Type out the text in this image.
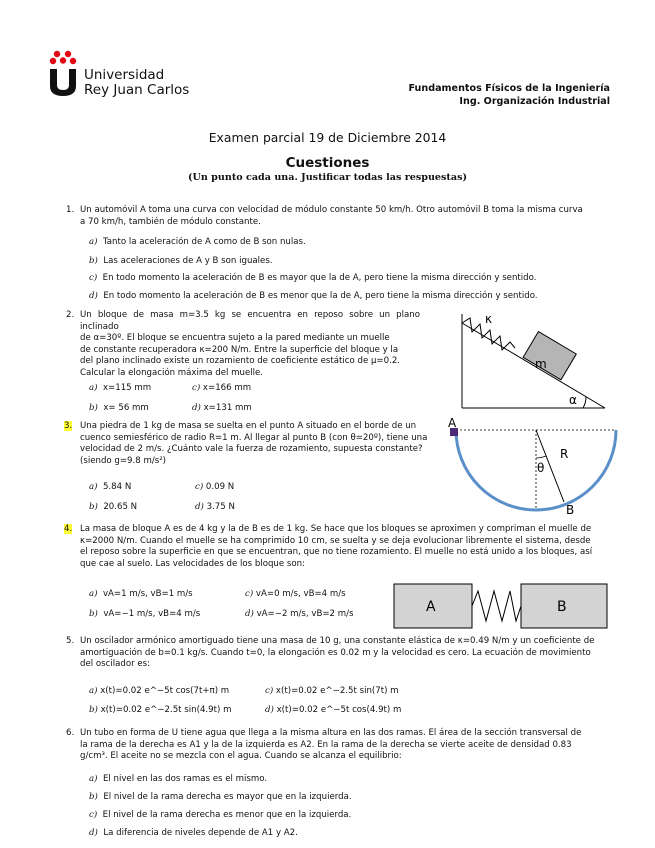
Universidad
Rey Juan Carlos	Fundamentos Físicos de la Ingeniería
Ing. Organización Industrial
Examen parcial 19 de Diciembre 2014
Cuestiones
(Un punto cada una. Justificar todas las respuestas)
1. Un automóvil A toma una curva con velocidad de módulo constante 50 km/h. Otro automóvil B toma la misma curva
a 70 km/h, también de módulo constante.
a) Tanto la aceleración de A como de B son nulas.
b) Las aceleraciones de A y B son iguales.
c) En todo momento la aceleración de B es mayor que la de A, pero tiene la misma dirección y sentido.
d) En todo momento la aceleración de B es menor que la de A, pero tiene la misma dirección y sentido.
2. Un bloque de masa m=3.5 kg se encuentra en reposo sobre un plano inclinado
de α=30º. El bloque se encuentra sujeto a la pared mediante un muelle
de constante recuperadora κ=200 N/m. Entre la superficie del bloque y la
del plano inclinado existe un rozamiento de coeficiente estático de μ=0.2.
Calcular la elongación máxima del muelle.
a) x=115 mm	c) x=166 mm
b) x= 56 mm	d) x=131 mm
κ
m
α
3. Una piedra de 1 kg de masa se suelta en el punto A situado en el borde de un
cuenco semiesférico de radio R=1 m. Al llegar al punto B (con θ=20º), tiene una
velocidad de 2 m/s. ¿Cuánto vale la fuerza de rozamiento, supuesta constante?
(siendo g=9.8 m/s²)
a) 5.84 N	c) 0.09 N
b) 20.65 N	d) 3.75 N
A
B
R
θ
4. La masa de bloque A es de 4 kg y la de B es de 1 kg. Se hace que los bloques se aproximen y compriman el muelle de
κ=2000 N/m. Cuando el muelle se ha comprimido 10 cm, se suelta y se deja evolucionar libremente el sistema, desde
el reposo sobre la superficie en que se encuentran, que no tiene rozamiento. El muelle no está unido a los bloques, así
que cae al suelo. Las velocidades de los bloque son:
a) vA=1 m/s, vB=1 m/s	c) vA=0 m/s, vB=4 m/s
b) vA=−1 m/s, vB=4 m/s	d) vA=−2 m/s, vB=2 m/s	A	B
5. Un oscilador armónico amortiguado tiene una masa de 10 g, una constante elástica de κ=0.49 N/m y un coeficiente de
amortiguación de b=0.1 kg/s. Cuando t=0, la elongación es 0.02 m y la velocidad es cero. La ecuación de movimiento
del oscilador es:
a) x(t)=0.02 e^−5t cos(7t+π) m	c) x(t)=0.02 e^−2.5t sin(7t) m
b) x(t)=0.02 e^−2.5t sin(4.9t) m	d) x(t)=0.02 e^−5t cos(4.9t) m
6. Un tubo en forma de U tiene agua que llega a la misma altura en las dos ramas. El área de la sección transversal de
la rama de la derecha es A1 y la de la izquierda es A2. En la rama de la derecha se vierte aceite de densidad 0.83
g/cm³. El aceite no se mezcla con el agua. Cuando se alcanza el equilibrio:
a) El nivel en las dos ramas es el mismo.
b) El nivel de la rama derecha es mayor que en la izquierda.
c) El nivel de la rama derecha es menor que en la izquierda.
d) La diferencia de niveles depende de A1 y A2.
